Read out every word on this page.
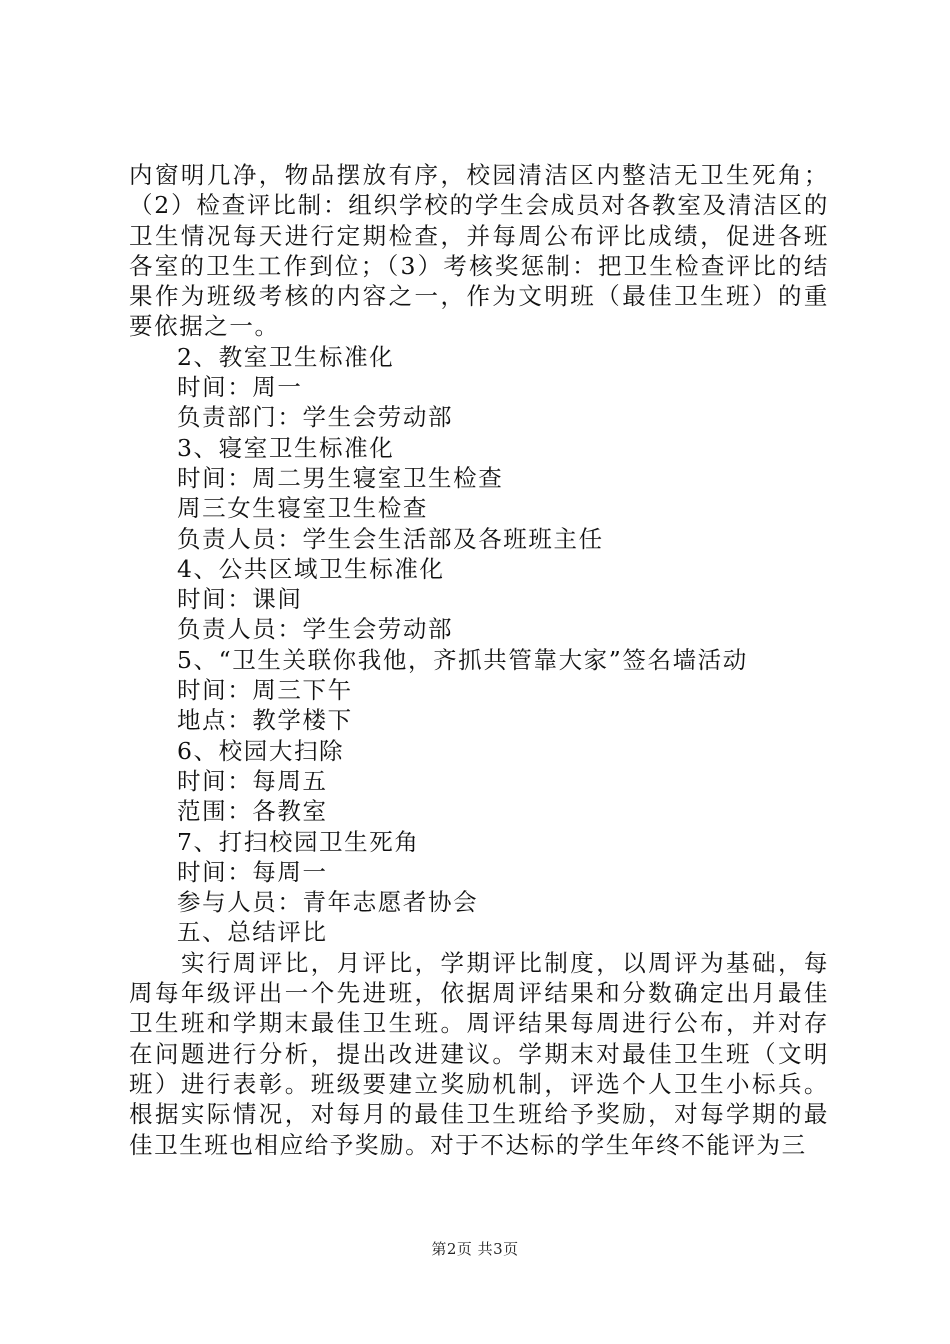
内窗明几净，物品摆放有序，校园清洁区内整洁无卫生死角；（2）检查评比制：组织学校的学生会成员对各教室及清洁区的卫生情况每天进行定期检查，并每周公布评比成绩，促进各班各室的卫生工作到位；（3）考核奖惩制：把卫生检查评比的结果作为班级考核的内容之一，作为文明班（最佳卫生班）的重要依据之一。

2、教室卫生标准化

时间：周一

负责部门：学生会劳动部

3、寝室卫生标准化

时间：周二男生寝室卫生检查

周三女生寝室卫生检查

负责人员：学生会生活部及各班班主任

4、公共区域卫生标准化

时间：课间

负责人员：学生会劳动部

5、“卫生关联你我他，齐抓共管靠大家”签名墙活动

时间：周三下午

地点：教学楼下

6、校园大扫除

时间：每周五

范围：各教室

7、打扫校园卫生死角

时间：每周一

参与人员：青年志愿者协会

五、总结评比

实行周评比，月评比，学期评比制度，以周评为基础，每周每年级评出一个先进班，依据周评结果和分数确定出月最佳卫生班和学期末最佳卫生班。周评结果每周进行公布，并对存在问题进行分析，提出改进建议。学期末对最佳卫生班（文明班）进行表彰。班级要建立奖励机制，评选个人卫生小标兵。根据实际情况，对每月的最佳卫生班给予奖励，对每学期的最佳卫生班也相应给予奖励。对于不达标的学生年终不能评为三

第2页 共3页
